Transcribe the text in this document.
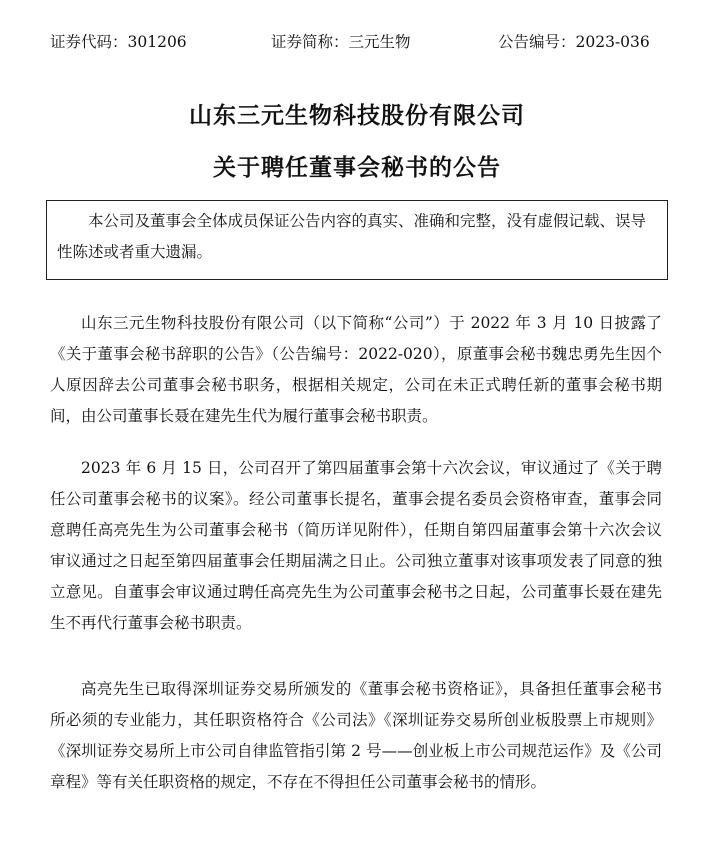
证券代码：301206	证券简称：三元生物	公告编号：2023-036
山东三元生物科技股份有限公司
关于聘任董事会秘书的公告
本公司及董事会全体成员保证公告内容的真实、准确和完整，没有虚假记载、误导性陈述或者重大遗漏。
山东三元生物科技股份有限公司（以下简称“公司”）于 2022 年 3 月 10 日披露了《关于董事会秘书辞职的公告》（公告编号：2022-020），原董事会秘书魏忠勇先生因个人原因辞去公司董事会秘书职务，根据相关规定，公司在未正式聘任新的董事会秘书期间，由公司董事长聂在建先生代为履行董事会秘书职责。
2023 年 6 月 15 日，公司召开了第四届董事会第十六次会议，审议通过了《关于聘任公司董事会秘书的议案》。经公司董事长提名，董事会提名委员会资格审查，董事会同意聘任高亮先生为公司董事会秘书（简历详见附件），任期自第四届董事会第十六次会议审议通过之日起至第四届董事会任期届满之日止。公司独立董事对该事项发表了同意的独立意见。自董事会审议通过聘任高亮先生为公司董事会秘书之日起，公司董事长聂在建先生不再代行董事会秘书职责。
高亮先生已取得深圳证券交易所颁发的《董事会秘书资格证》，具备担任董事会秘书所必须的专业能力，其任职资格符合《公司法》《深圳证券交易所创业板股票上市规则》《深圳证券交易所上市公司自律监管指引第 2 号——创业板上市公司规范运作》及《公司章程》等有关任职资格的规定，不存在不得担任公司董事会秘书的情形。
